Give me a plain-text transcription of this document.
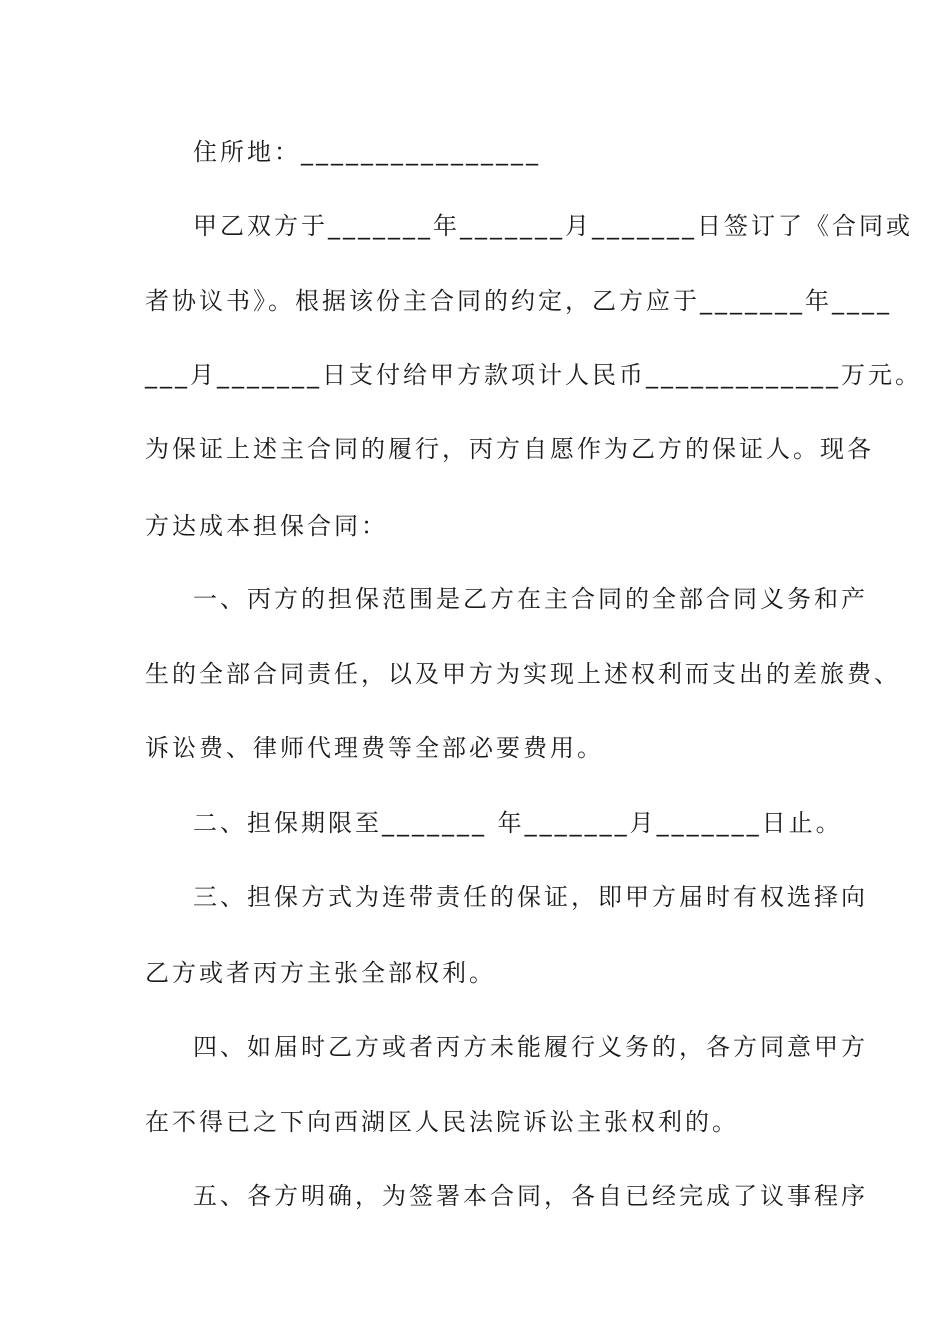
住所地：________________
甲乙双方于_______年_______月_______日签订了《合同或
者协议书》。根据该份主合同的约定，乙方应于_______年____
___月_______日支付给甲方款项计人民币_____________万元。
为保证上述主合同的履行，丙方自愿作为乙方的保证人。现各
方达成本担保合同：
一、丙方的担保范围是乙方在主合同的全部合同义务和产
生的全部合同责任，以及甲方为实现上述权利而支出的差旅费、
诉讼费、律师代理费等全部必要费用。
二、担保期限至_______ 年_______月_______日止。
三、担保方式为连带责任的保证，即甲方届时有权选择向
乙方或者丙方主张全部权利。
四、如届时乙方或者丙方未能履行义务的，各方同意甲方
在不得已之下向西湖区人民法院诉讼主张权利的。
五、各方明确，为签署本合同，各自已经完成了议事程序
